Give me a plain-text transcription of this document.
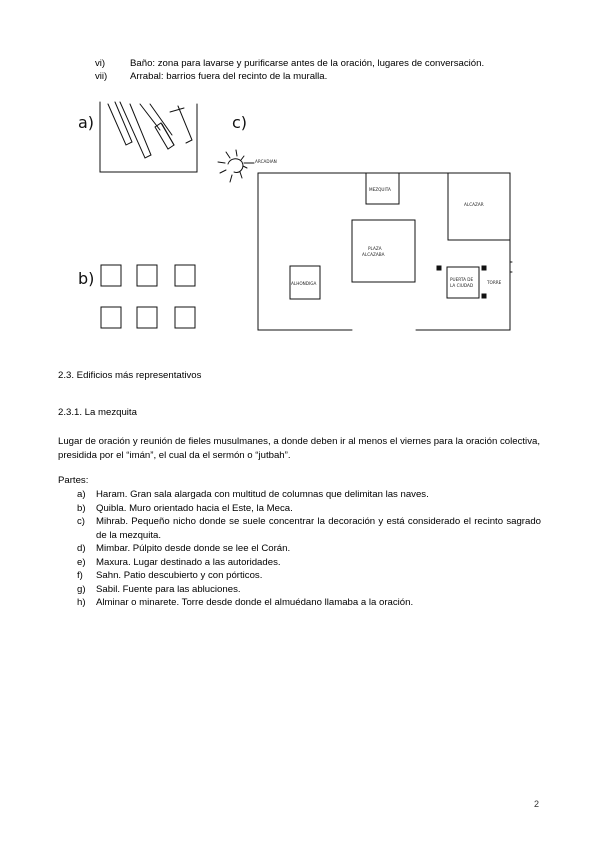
vi)	Baño: zona para lavarse y purificarse antes de la oración, lugares de conversación.
vii)	Arrabal: barrios fuera del recinto de la muralla.
a)
b)
c)
ARCADIAN
MEZQUITA
ALCAZAR
PLAZA
ALCAZABA
ALHONDIGA
PUERTA DE
LA CIUDAD
TORRE
2.3. Edificios más representativos
2.3.1. La mezquita
Lugar de oración y reunión de fieles musulmanes, a donde deben ir al menos el viernes para la oración colectiva, presidida por el “imán”, el cual da el sermón o “jutbah”.
Partes:
a)	Haram. Gran sala alargada con multitud de columnas que delimitan las naves.
b)	Quibla. Muro orientado hacia el Este, la Meca.
c)	Mihrab. Pequeño nicho donde se suele concentrar la decoración y está considerado el recinto sagrado de la mezquita.
d)	Mimbar. Púlpito desde donde se lee el Corán.
e)	Maxura. Lugar destinado a las autoridades.
f)	Sahn. Patio descubierto y con pórticos.
g)	Sabil. Fuente para las abluciones.
h)	Alminar o minarete. Torre desde donde el almuédano llamaba a la oración.
2
